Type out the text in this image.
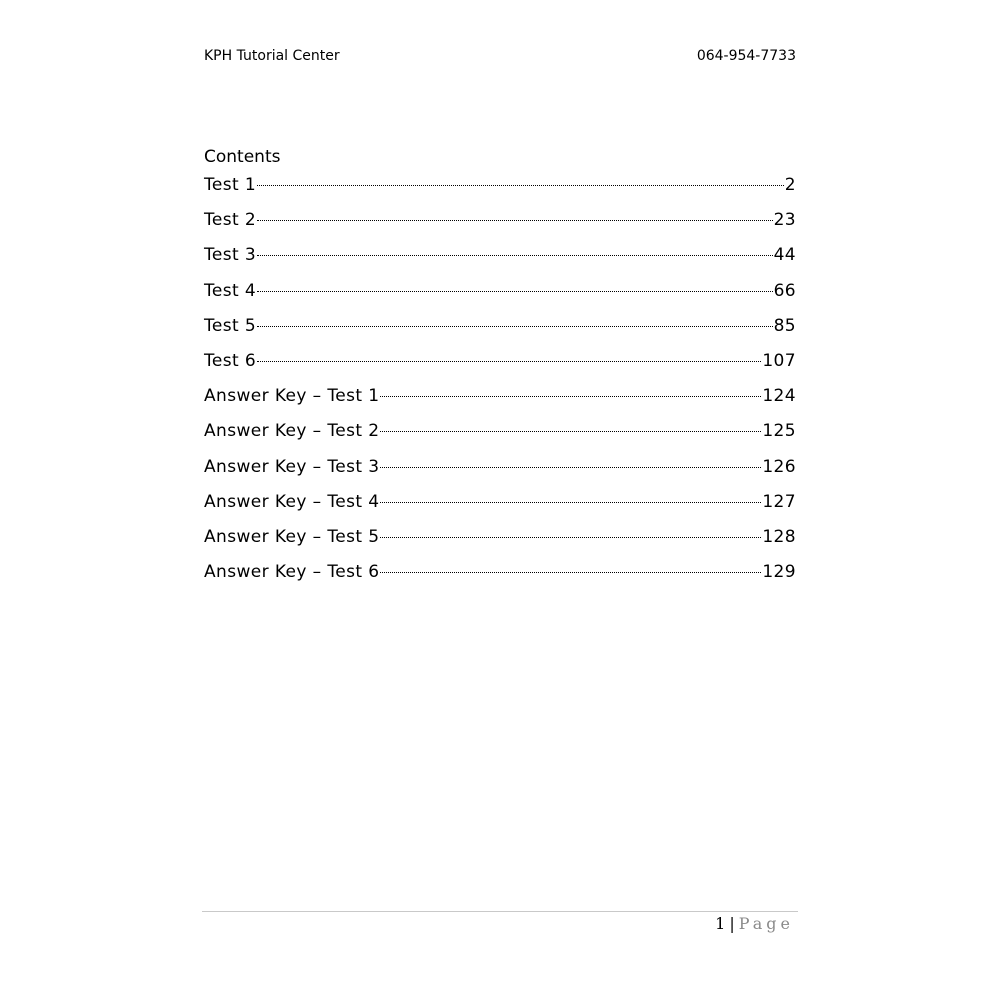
KPH Tutorial Center	064-954-7733
Contents
Test 1	2
Test 2	23
Test 3	44
Test 4	66
Test 5	85
Test 6	107
Answer Key – Test 1	124
Answer Key – Test 2	125
Answer Key – Test 3	126
Answer Key – Test 4	127
Answer Key – Test 5	128
Answer Key – Test 6	129
1 | Page
